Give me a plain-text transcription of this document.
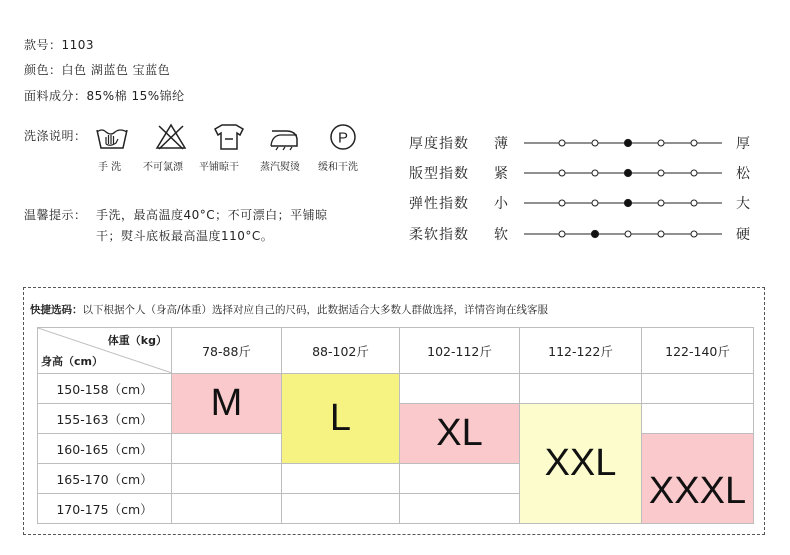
款号：1103
颜色：白色 湖蓝色 宝蓝色
面料成分：85%棉 15%锦纶
洗涤说明：	P
手 洗 不可氯漂 平铺晾干 蒸汽熨烫 缓和干洗
温馨提示： 手洗，最高温度40°C；不可漂白；平铺晾
干；熨斗底板最高温度110°C。
厚度指数 薄	厚
版型指数 紧	松
弹性指数 小	大
柔软指数 软	硬
快捷选码：以下根据个人（身高/体重）选择对应自己的尺码，此数据适合大多数人群做选择，详情咨询在线客服
体重（kg）
身高（cm）	78-88斤	88-102斤	102-112斤	112-122斤	122-140斤
150-158（cm）	M	L			
155-163（cm）			XL	XXL	
160-165（cm）					XXXL
165-170（cm）					
170-175（cm）					
